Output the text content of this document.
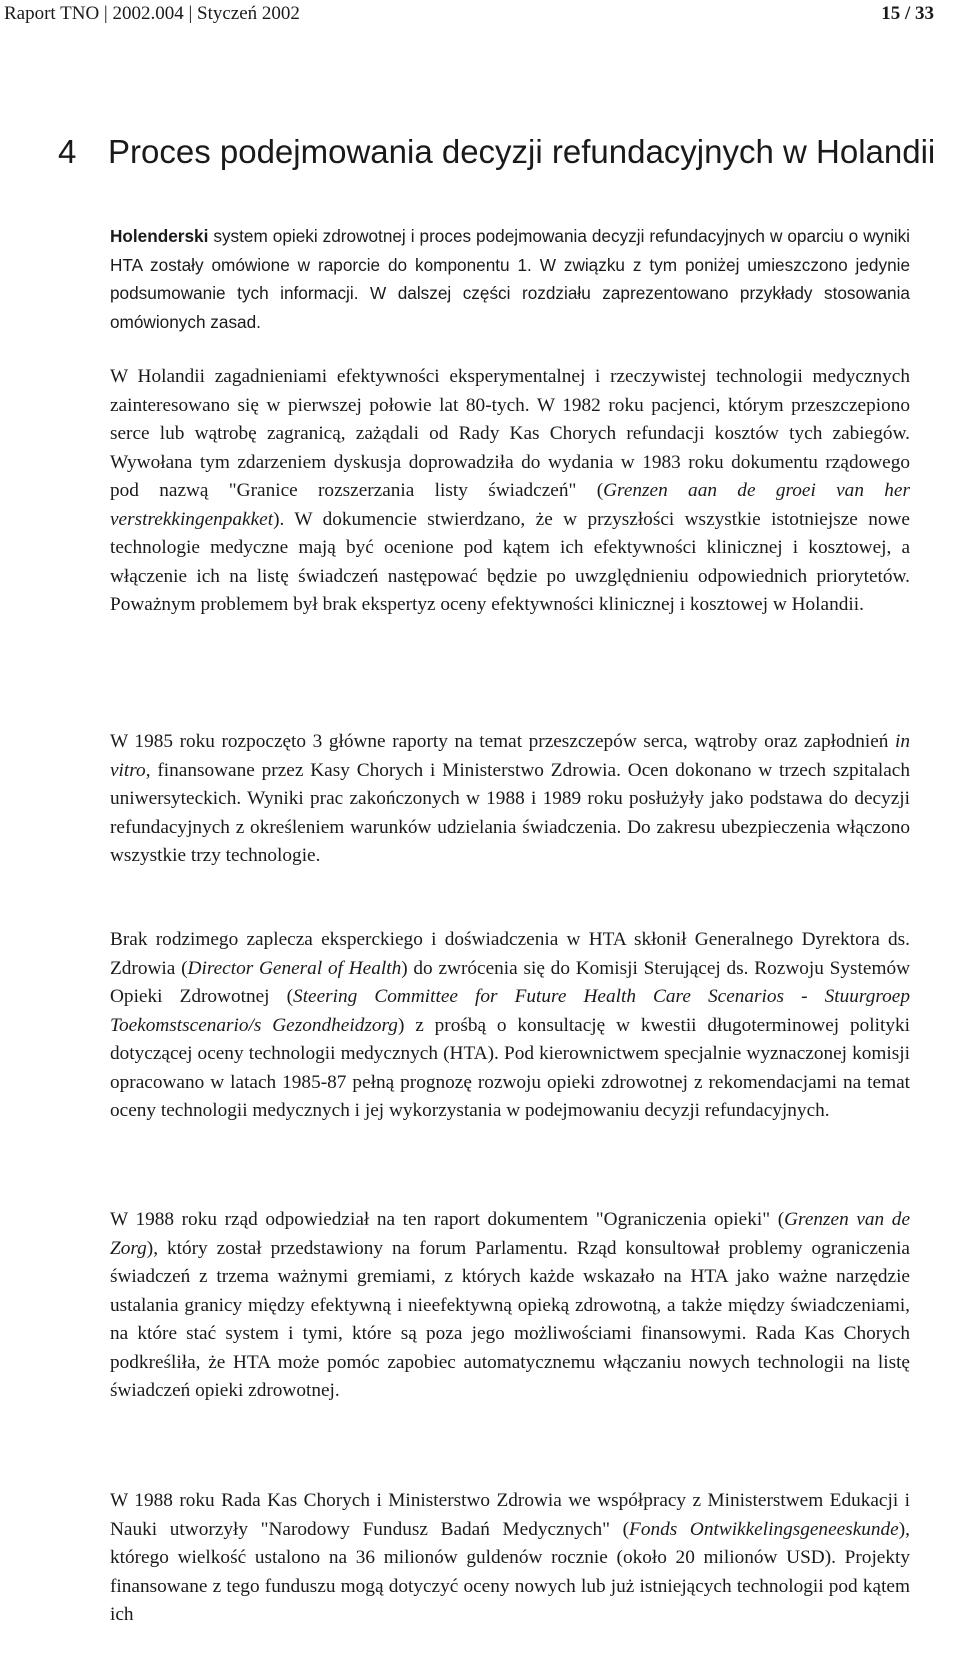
Raport TNO | 2002.004 | Styczeń 2002	15 / 33
4 Proces podejmowania decyzji refundacyjnych w Holandii

Holenderski system opieki zdrowotnej i proces podejmowania decyzji refundacyjnych w oparciu o wyniki HTA zostały omówione w raporcie do komponentu 1. W związku z tym poniżej umieszczono jedynie podsumowanie tych informacji. W dalszej części rozdziału zaprezentowano przykłady stosowania omówionych zasad.

W Holandii zagadnieniami efektywności eksperymentalnej i rzeczywistej technologii medycznych zainteresowano się w pierwszej połowie lat 80-tych. W 1982 roku pacjenci, którym przeszczepiono serce lub wątrobę zagranicą, zażądali od Rady Kas Chorych refundacji kosztów tych zabiegów. Wywołana tym zdarzeniem dyskusja doprowadziła do wydania w 1983 roku dokumentu rządowego pod nazwą "Granice rozszerzania listy świadczeń" (Grenzen aan de groei van her verstrekkingenpakket). W dokumencie stwierdzano, że w przyszłości wszystkie istotniejsze nowe technologie medyczne mają być ocenione pod kątem ich efektywności klinicznej i kosztowej, a włączenie ich na listę świadczeń następować będzie po uwzględnieniu odpowiednich priorytetów. Poważnym problemem był brak ekspertyz oceny efektywności klinicznej i kosztowej w Holandii.

W 1985 roku rozpoczęto 3 główne raporty na temat przeszczepów serca, wątroby oraz zapłodnień in vitro, finansowane przez Kasy Chorych i Ministerstwo Zdrowia. Ocen dokonano w trzech szpitalach uniwersyteckich. Wyniki prac zakończonych w 1988 i 1989 roku posłużyły jako podstawa do decyzji refundacyjnych z określeniem warunków udzielania świadczenia. Do zakresu ubezpieczenia włączono wszystkie trzy technologie.

Brak rodzimego zaplecza eksperckiego i doświadczenia w HTA skłonił Generalnego Dyrektora ds. Zdrowia (Director General of Health) do zwrócenia się do Komisji Sterującej ds. Rozwoju Systemów Opieki Zdrowotnej (Steering Committee for Future Health Care Scenarios - Stuurgroep Toekomstscenario/s Gezondheidzorg) z prośbą o konsultację w kwestii długoterminowej polityki dotyczącej oceny technologii medycznych (HTA). Pod kierownictwem specjalnie wyznaczonej komisji opracowano w latach 1985-87 pełną prognozę rozwoju opieki zdrowotnej z rekomendacjami na temat oceny technologii medycznych i jej wykorzystania w podejmowaniu decyzji refundacyjnych.

W 1988 roku rząd odpowiedział na ten raport dokumentem "Ograniczenia opieki" (Grenzen van de Zorg), który został przedstawiony na forum Parlamentu. Rząd konsultował problemy ograniczenia świadczeń z trzema ważnymi gremiami, z których każde wskazało na HTA jako ważne narzędzie ustalania granicy między efektywną i nieefektywną opieką zdrowotną, a także między świadczeniami, na które stać system i tymi, które są poza jego możliwościami finansowymi. Rada Kas Chorych podkreśliła, że HTA może pomóc zapobiec automatycznemu włączaniu nowych technologii na listę świadczeń opieki zdrowotnej.

W 1988 roku Rada Kas Chorych i Ministerstwo Zdrowia we współpracy z Ministerstwem Edukacji i Nauki utworzyły "Narodowy Fundusz Badań Medycznych" (Fonds Ontwikkelingsgeneeskunde), którego wielkość ustalono na 36 milionów guldenów rocznie (około 20 milionów USD). Projekty finansowane z tego funduszu mogą dotyczyć oceny nowych lub już istniejących technologii pod kątem ich
